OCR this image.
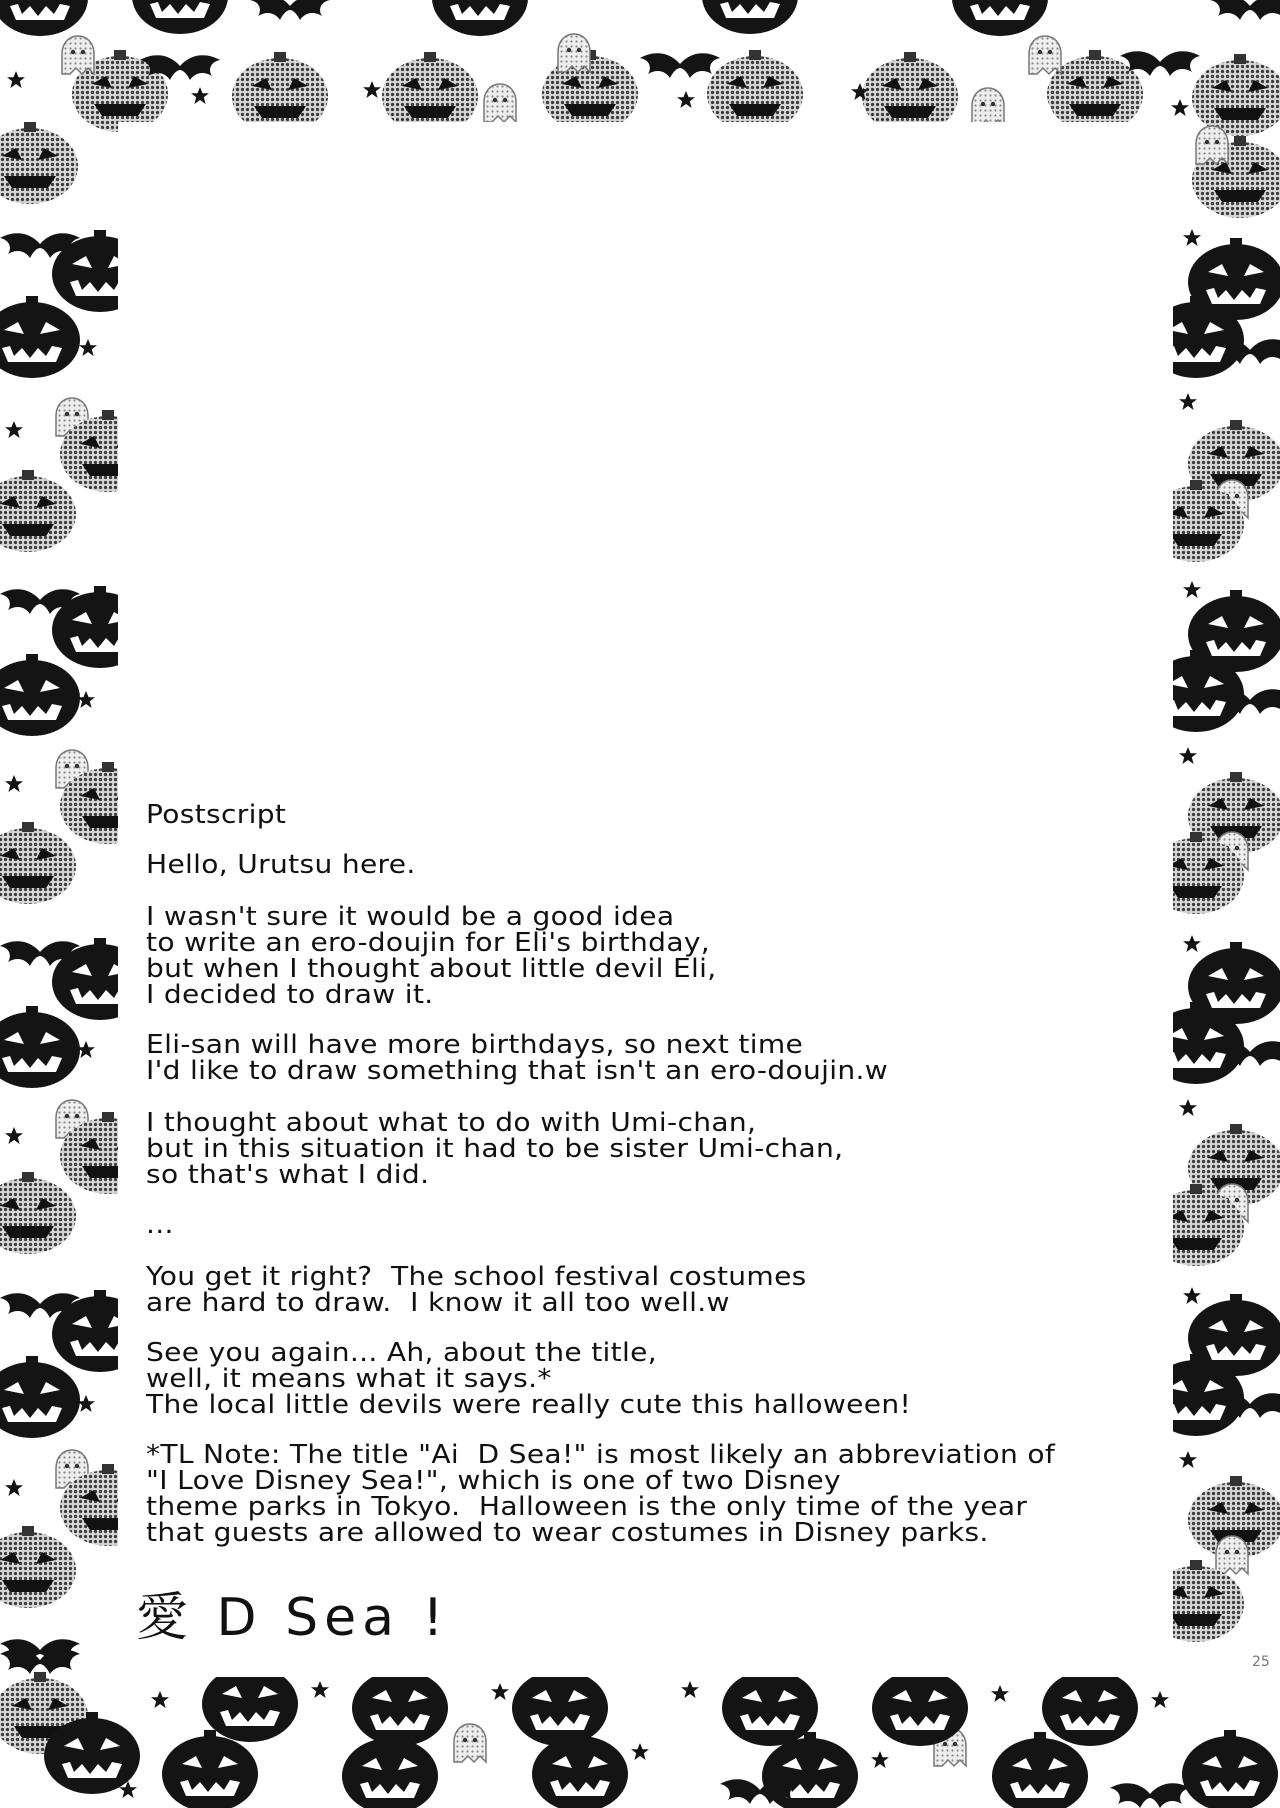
Postscript

Hello, Urutsu here.

I wasn't sure it would be a good idea
to write an ero-doujin for Eli's birthday,
but when I thought about little devil Eli,
I decided to draw it.

Eli-san will have more birthdays, so next time
I'd like to draw something that isn't an ero-doujin.w

I thought about what to do with Umi-chan,
but in this situation it had to be sister Umi-chan,
so that's what I did.

...

You get it right?  The school festival costumes
are hard to draw.  I know it all too well.w

See you again... Ah, about the title,
well, it means what it says.*
The local little devils were really cute this halloween!

*TL Note: The title "Ai  D Sea!" is most likely an abbreviation of
"I Love Disney Sea!", which is one of two Disney
theme parks in Tokyo.  Halloween is the only time of the year
that guests are allowed to wear costumes in Disney parks.

愛 D Sea !
25
